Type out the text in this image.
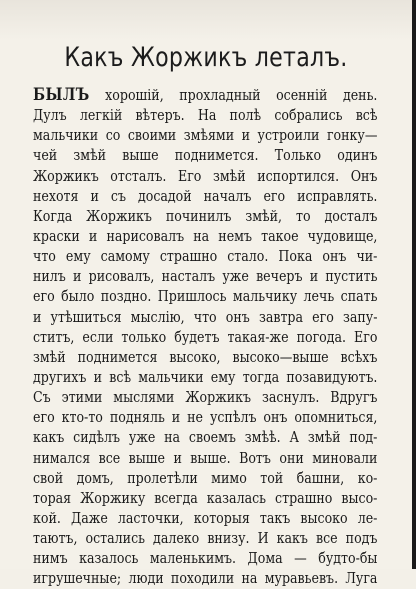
Какъ Жоржикъ леталъ.
БЫЛЪ хорошій, прохладный осенній день.
Дулъ легкій вѣтеръ. На полѣ собрались всѣ
мальчики со своими змѣями и устроили гонку—
чей змѣй выше поднимется. Только одинъ
Жоржикъ отсталъ. Его змѣй испортился. Онъ
нехотя и съ досадой началъ его исправлять.
Когда Жоржикъ починилъ змѣй, то досталъ
краски и нарисовалъ на немъ такое чудовище,
что ему самому страшно стало. Пока онъ чи-
нилъ и рисовалъ, насталъ уже вечеръ и пустить
его было поздно. Пришлось мальчику лечь спать
и утѣшиться мыслію, что онъ завтра его запу-
ститъ, если только будетъ такая-же погода. Его
змѣй поднимется высоко, высоко—выше всѣхъ
другихъ и всѣ мальчики ему тогда позавидуютъ.
Съ этими мыслями Жоржикъ заснулъ. Вдругъ
его кто-то подняль и не успѣлъ онъ опомниться,
какъ сидѣлъ уже на своемъ змѣѣ. А змѣй под-
нимался все выше и выше. Вотъ они миновали
свой домъ, пролетѣли мимо той башни, ко-
торая Жоржику всегда казалась страшно высо-
кой. Даже ласточки, которыя такъ высоко ле-
таютъ, остались далеко внизу. И какъ все подъ
нимъ казалось маленькимъ. Дома — будто-бы
игрушечные; люди походили на муравьевъ. Луга
